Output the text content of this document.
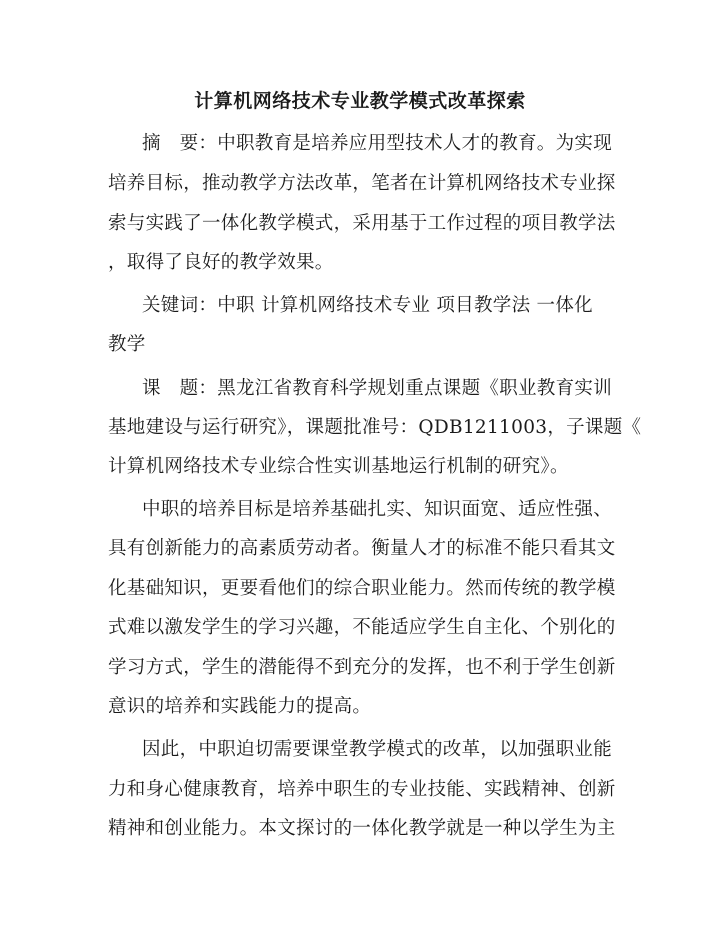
计算机网络技术专业教学模式改革探索
摘　要：中职教育是培养应用型技术人才的教育。为实现
培养目标，推动教学方法改革，笔者在计算机网络技术专业探
索与实践了一体化教学模式，采用基于工作过程的项目教学法
，取得了良好的教学效果。
关键词：中职 计算机网络技术专业 项目教学法 一体化
教学
课　题：黑龙江省教育科学规划重点课题《职业教育实训
基地建设与运行研究》，课题批准号：QDB1211003，子课题《
计算机网络技术专业综合性实训基地运行机制的研究》。
中职的培养目标是培养基础扎实、知识面宽、适应性强、
具有创新能力的高素质劳动者。衡量人才的标准不能只看其文
化基础知识，更要看他们的综合职业能力。然而传统的教学模
式难以激发学生的学习兴趣，不能适应学生自主化、个别化的
学习方式，学生的潜能得不到充分的发挥，也不利于学生创新
意识的培养和实践能力的提高。
因此，中职迫切需要课堂教学模式的改革，以加强职业能
力和身心健康教育，培养中职生的专业技能、实践精神、创新
精神和创业能力。本文探讨的一体化教学就是一种以学生为主
